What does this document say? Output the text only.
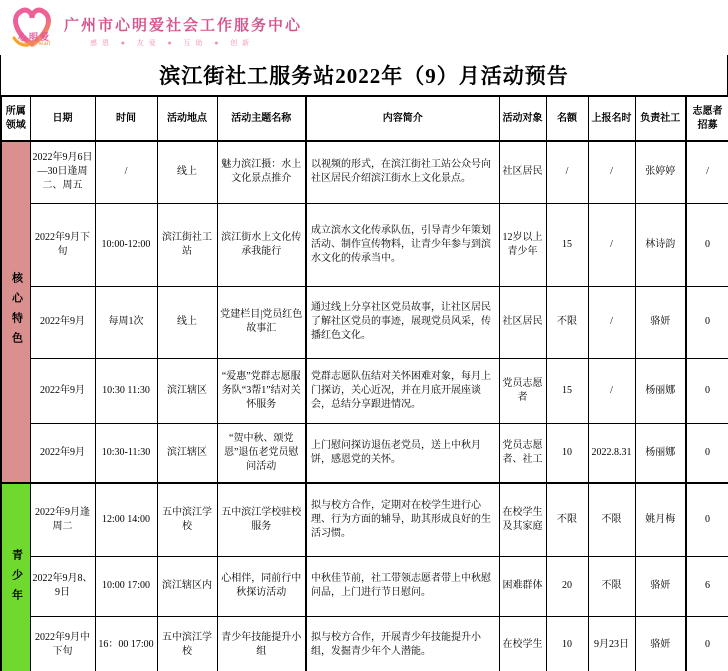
心明爱
LovingHeart
广州市心明爱社会工作服务中心
感恩 ● 友爱 ● 互助 ● 创新
滨江街社工服务站2022年（9）月活动预告
所属领域	日期	时间	活动地点	活动主题名称	内容简介	活动对象	名额	上报名时	负责社工	志愿者招募

核心特色	2022年9月6日—30日逢周二、周五	/	线上	魅力滨江摄：水上文化景点推介	以视频的形式，在滨江街社工站公众号向社区居民介绍滨江街水上文化景点。	社区居民	/	/	张婷婷	/
	2022年9月下旬	10:00-12:00	滨江街社工站	滨江街水上文化传承我能行	成立滨水文化传承队伍，引导青少年策划活动、制作宣传物料，让青少年参与到滨水文化的传承当中。	12岁以上青少年	15	/	林诗韵	0
	2022年9月	每周1次	线上	党建栏目|党员红色故事汇	通过线上分享社区党员故事，让社区居民了解社区党员的事迹，展现党员风采，传播红色文化。	社区居民	不限	/	骆妍	0
	2022年9月	10:30 11:30	滨江辖区	“爱惠”党群志愿服务队“3帮1”结对关怀服务	党群志愿队伍结对关怀困难对象，每月上门探访，关心近况，并在月底开展座谈会，总结分享跟进情况。	党员志愿者	15	/	杨丽娜	0
	2022年9月	10:30-11:30	滨江辖区	“贺中秋、颂党恩”退伍老党员慰问活动	上门慰问探访退伍老党员，送上中秋月饼，感恩党的关怀。	党员志愿者、社工	10	2022.8.31	杨丽娜	0

青少年	2022年9月逢周二	12:00 14:00	五中滨江学校	五中滨江学校驻校服务	拟与校方合作，定期对在校学生进行心理、行为方面的辅导，助其形成良好的生活习惯。	在校学生及其家庭	不限	不限	姚月梅	0
	2022年9月8、9日	10:00 17:00	滨江辖区内	心相伴，同前行中秋探访活动	中秋佳节前，社工带领志愿者带上中秋慰问品，上门进行节日慰问。	困难群体	20	不限	骆妍	6
	2022年9月中下旬	16：00 17:00	五中滨江学校	青少年技能提升小组	拟与校方合作，开展青少年技能提升小组，发掘青少年个人潜能。	在校学生	10	9月23日	骆妍	0
